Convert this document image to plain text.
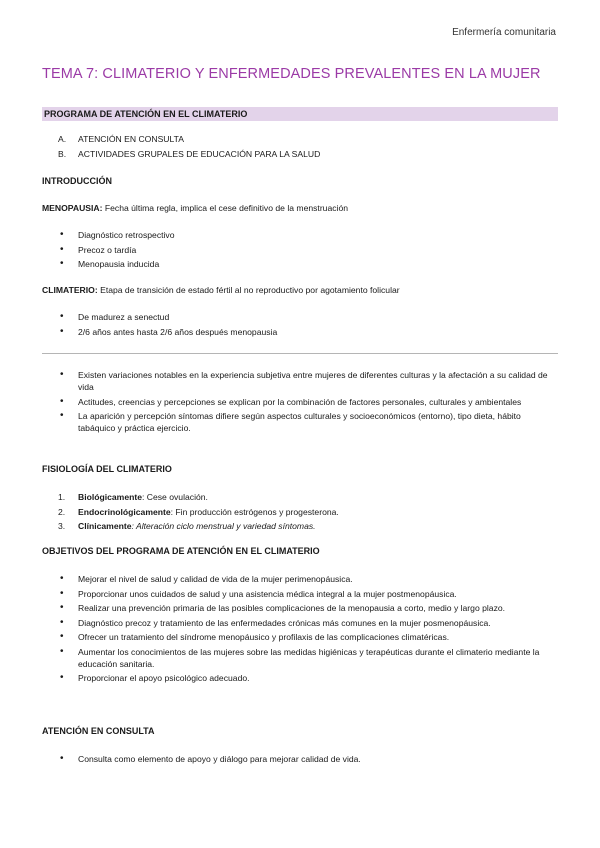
Enfermería comunitaria
TEMA 7: CLIMATERIO Y ENFERMEDADES PREVALENTES EN LA MUJER
PROGRAMA DE ATENCIÓN EN EL CLIMATERIO
A. ATENCIÓN EN CONSULTA
B. ACTIVIDADES GRUPALES DE EDUCACIÓN PARA LA SALUD
INTRODUCCIÓN
MENOPAUSIA: Fecha última regla, implica el cese definitivo de la menstruación
• Diagnóstico retrospectivo
• Precoz o tardía
• Menopausia inducida
CLIMATERIO: Etapa de transición de estado fértil al no reproductivo por agotamiento folicular
• De madurez a senectud
• 2/6 años antes hasta 2/6 años después menopausia
• Existen variaciones notables en la experiencia subjetiva entre mujeres de diferentes culturas y la afectación a su calidad de vida
• Actitudes, creencias y percepciones se explican por la combinación de factores personales, culturales y ambientales
• La aparición y percepción síntomas difiere según aspectos culturales y socioeconómicos (entorno), tipo dieta, hábito tabáquico y práctica ejercicio.
FISIOLOGÍA DEL CLIMATERIO
1. Biológicamente: Cese ovulación.
2. Endocrinológicamente: Fin producción estrógenos y progesterona.
3. Clínicamente: Alteración ciclo menstrual y variedad síntomas.
OBJETIVOS DEL PROGRAMA DE ATENCIÓN EN EL CLIMATERIO
• Mejorar el nivel de salud y calidad de vida de la mujer perimenopáusica.
• Proporcionar unos cuidados de salud y una asistencia médica integral a la mujer postmenopáusica.
• Realizar una prevención primaria de las posibles complicaciones de la menopausia a corto, medio y largo plazo.
• Diagnóstico precoz y tratamiento de las enfermedades crónicas más comunes en la mujer posmenopáusica.
• Ofrecer un tratamiento del síndrome menopáusico y profilaxis de las complicaciones climatéricas.
• Aumentar los conocimientos de las mujeres sobre las medidas higiénicas y terapéuticas durante el climaterio mediante la educación sanitaria.
• Proporcionar el apoyo psicológico adecuado.
ATENCIÓN EN CONSULTA
• Consulta como elemento de apoyo y diálogo para mejorar calidad de vida.
